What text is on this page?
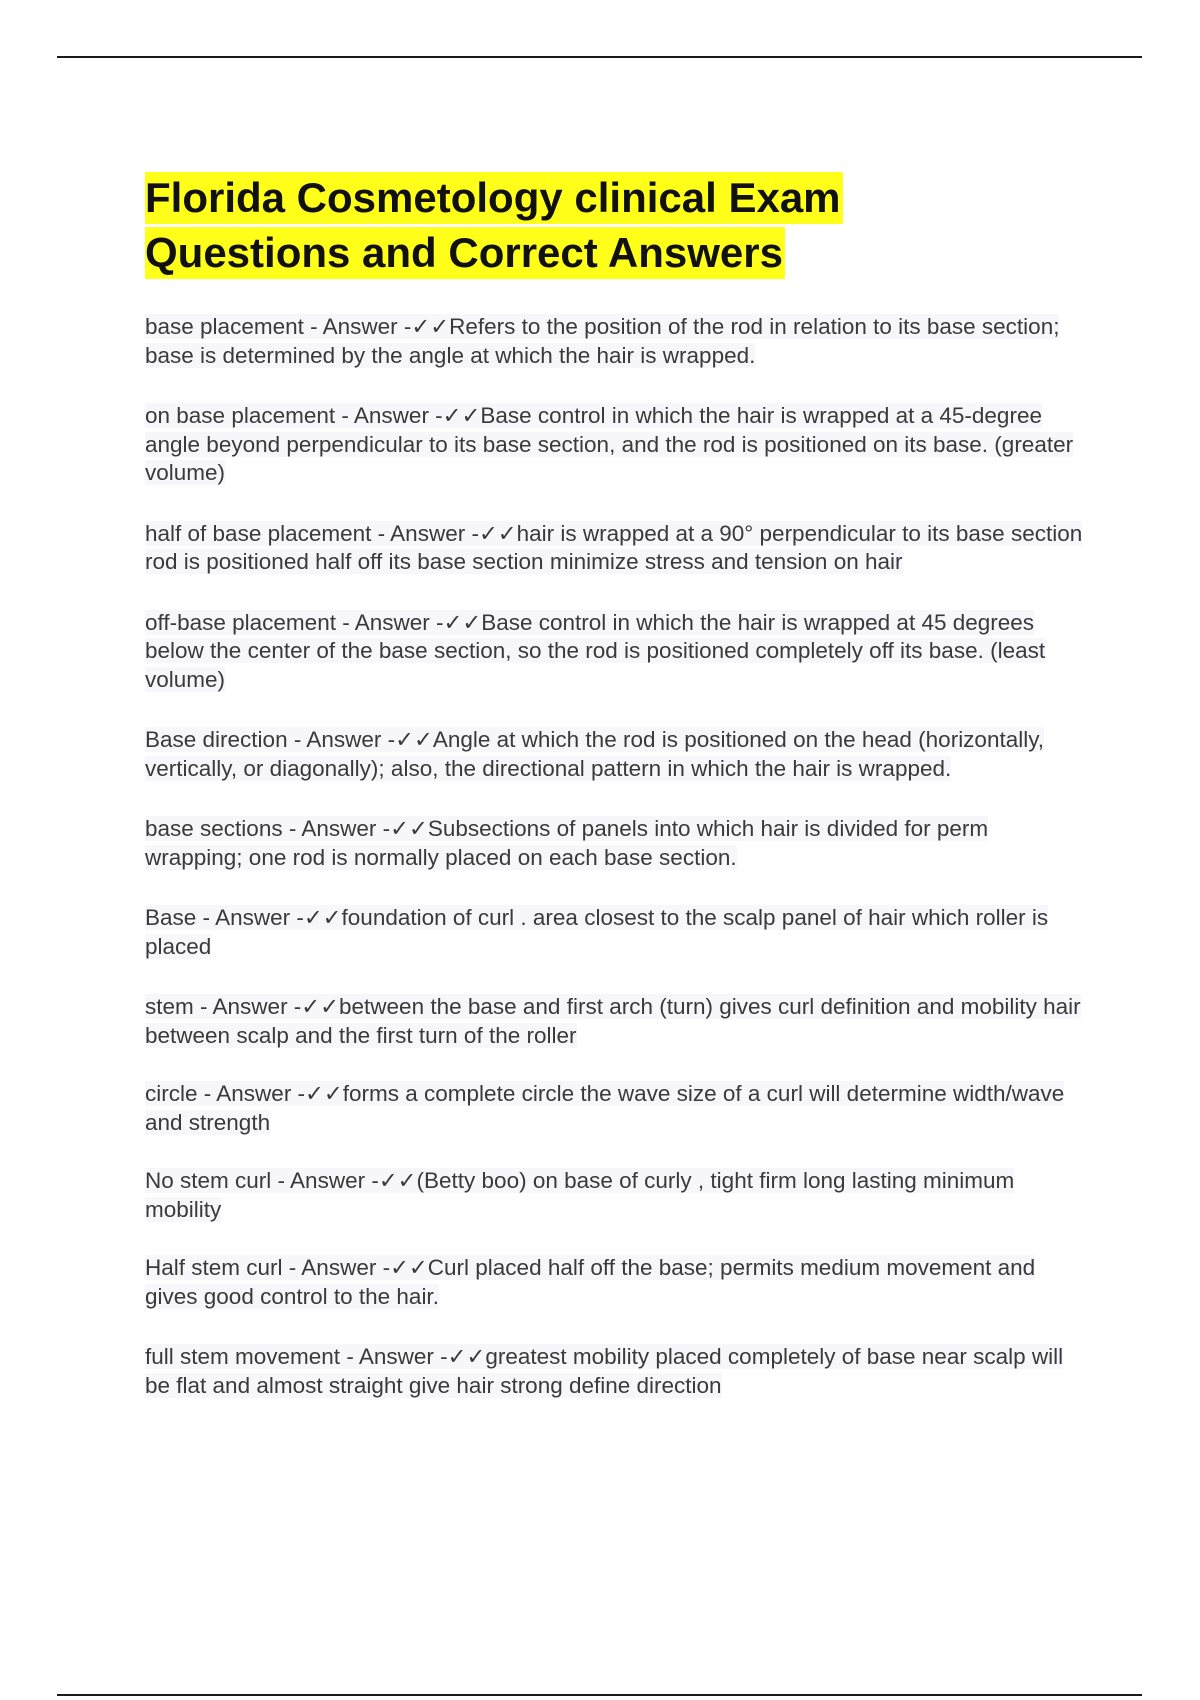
Florida Cosmetology clinical Exam
Questions and Correct Answers
base placement - Answer -✓✓Refers to the position of the rod in relation to its base section; base is determined by the angle at which the hair is wrapped.
on base placement - Answer -✓✓Base control in which the hair is wrapped at a 45-degree angle beyond perpendicular to its base section, and the rod is positioned on its base. (greater volume)
half of base placement - Answer -✓✓hair is wrapped at a 90° perpendicular to its base section rod is positioned half off its base section minimize stress and tension on hair
off-base placement - Answer -✓✓Base control in which the hair is wrapped at 45 degrees below the center of the base section, so the rod is positioned completely off its base. (least volume)
Base direction - Answer -✓✓Angle at which the rod is positioned on the head (horizontally, vertically, or diagonally); also, the directional pattern in which the hair is wrapped.
base sections - Answer -✓✓Subsections of panels into which hair is divided for perm wrapping; one rod is normally placed on each base section.
Base - Answer -✓✓foundation of curl . area closest to the scalp panel of hair which roller is placed
stem - Answer -✓✓between the base and first arch (turn) gives curl definition and mobility hair between scalp and the first turn of the roller
circle - Answer -✓✓forms a complete circle the wave size of a curl will determine width/wave and strength
No stem curl - Answer -✓✓(Betty boo) on base of curly , tight firm long lasting minimum mobility
Half stem curl - Answer -✓✓Curl placed half off the base; permits medium movement and gives good control to the hair.
full stem movement - Answer -✓✓greatest mobility placed completely of base near scalp will be flat and almost straight give hair strong define direction
